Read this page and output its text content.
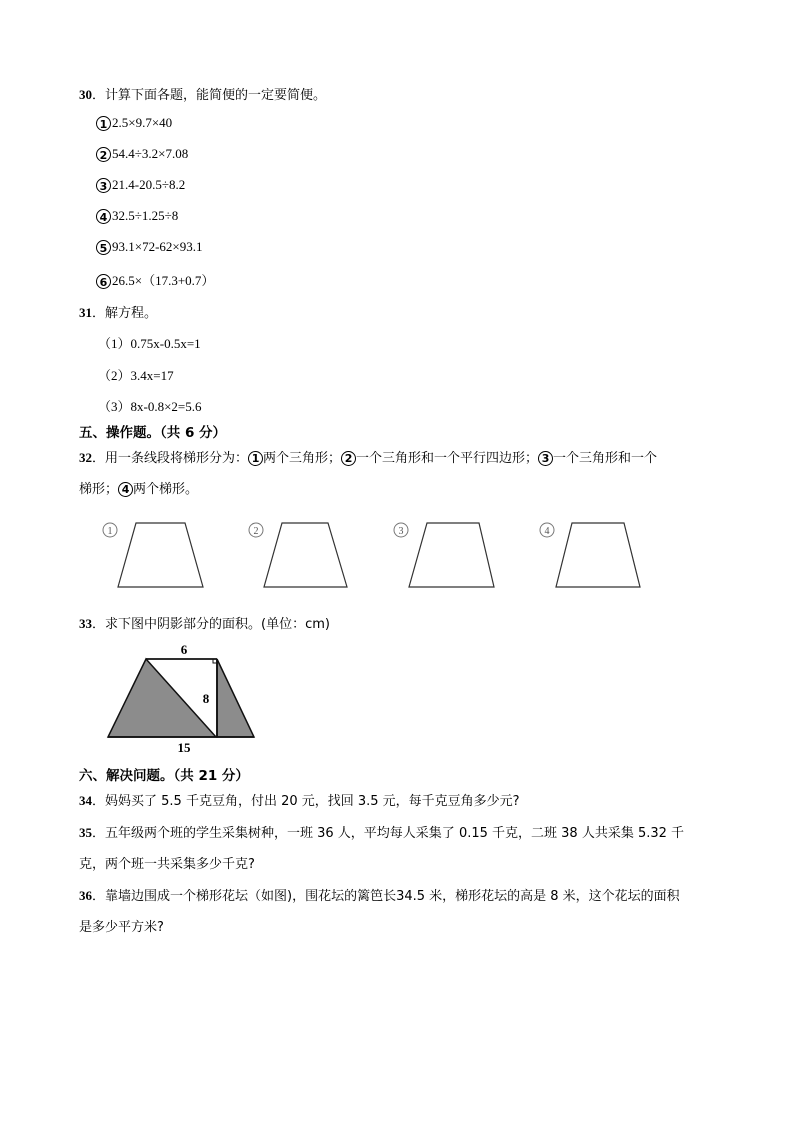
30．计算下面各题，能简便的一定要简便。
1 2.5×9.7×40
2 54.4÷3.2×7.08
3 21.4-20.5÷8.2
4 32.5÷1.25÷8
5 93.1×72-62×93.1
6 26.5×（17.3+0.7）
31．解方程。
（1）0.75x-0.5x=1
（2）3.4x=17
（3）8x-0.8×2=5.6
五、操作题。（共 6 分）
32．用一条线段将梯形分为： 1 两个三角形； 2 一个三角形和一个平行四边形； 3 一个三角形和一个
梯形； 4 两个梯形。
1	2	3	4
33．求下图中阴影部分的面积。(单位：cm)
6
8
15
六、解决问题。（共 21 分）
34．妈妈买了 5.5 千克豆角，付出 20 元，找回 3.5 元，每千克豆角多少元?
35．五年级两个班的学生采集树种，一班 36 人，平均每人采集了 0.15 千克，二班 38 人共采集 5.32 千
克，两个班一共采集多少千克?
36．靠墙边围成一个梯形花坛（如图)，围花坛的篱笆长34.5 米，梯形花坛的高是 8 米，这个花坛的面积
是多少平方米?
